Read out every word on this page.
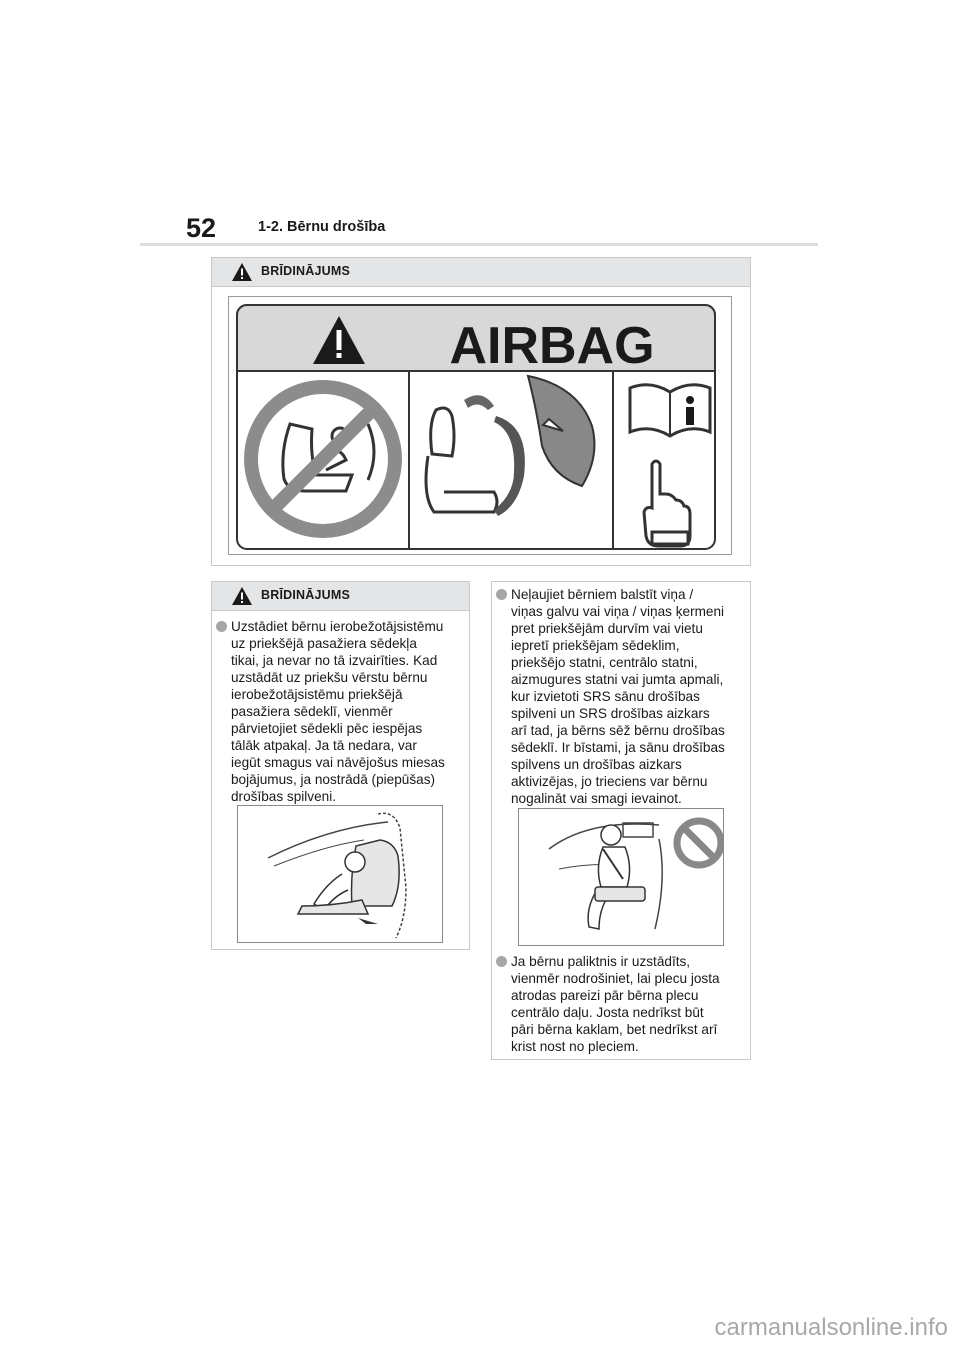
52	1-2. Bērnu drošība
BRĪDINĀJUMS
AIRBAG
BRĪDINĀJUMS
Uzstādiet bērnu ierobežotājsistēmu
uz priekšējā pasažiera sēdekļa
tikai, ja nevar no tā izvairīties. Kad
uzstādāt uz priekšu vērstu bērnu
ierobežotājsistēmu priekšējā
pasažiera sēdeklī, vienmēr
pārvietojiet sēdekli pēc iespējas
tālāk atpakaļ. Ja tā nedara, var
iegūt smagus vai nāvējošus miesas
bojājumus, ja nostrādā (piepūšas)
drošības spilveni.
Neļaujiet bērniem balstīt viņa /
viņas galvu vai viņa / viņas ķermeni
pret priekšējām durvīm vai vietu
iepretī priekšējam sēdeklim,
priekšējo statni, centrālo statni,
aizmugures statni vai jumta apmali,
kur izvietoti SRS sānu drošības
spilveni un SRS drošības aizkars
arī tad, ja bērns sēž bērnu drošības
sēdeklī. Ir bīstami, ja sānu drošības
spilvens un drošības aizkars
aktivizējas, jo trieciens var bērnu
nogalināt vai smagi ievainot.
Ja bērnu paliktnis ir uzstādīts,
vienmēr nodrošiniet, lai plecu josta
atrodas pareizi pār bērna plecu
centrālo daļu. Josta nedrīkst būt
pāri bērna kaklam, bet nedrīkst arī
krist nost no pleciem.
carmanualsonline.info
